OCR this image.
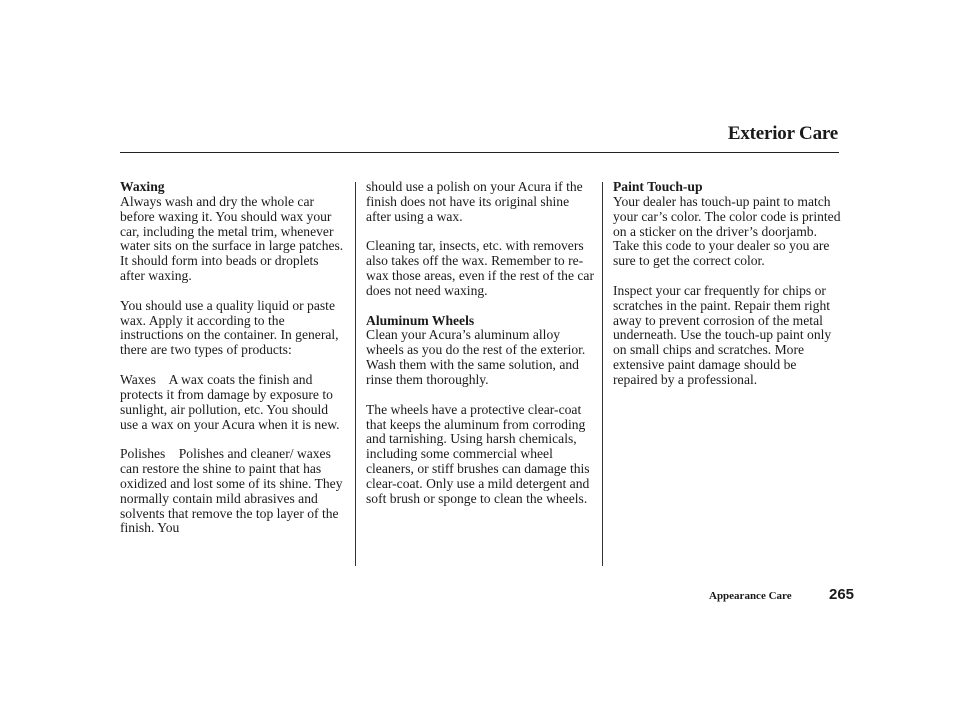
Exterior Care
Waxing

Always wash and dry the whole car before waxing it. You should wax your car, including the metal trim, whenever water sits on the surface in large patches. It should form into beads or droplets after waxing.

You should use a quality liquid or paste wax. Apply it according to the instructions on the container. In general, there are two types of products:

Waxes A wax coats the finish and protects it from damage by exposure to sunlight, air pollution, etc. You should use a wax on your Acura when it is new.

Polishes Polishes and cleaner/ waxes can restore the shine to paint that has oxidized and lost some of its shine. They normally contain mild abrasives and solvents that remove the top layer of the finish. You

should use a polish on your Acura if the finish does not have its original shine after using a wax.

Cleaning tar, insects, etc. with removers also takes off the wax. Remember to re-wax those areas, even if the rest of the car does not need waxing.

Aluminum Wheels

Clean your Acura’s aluminum alloy wheels as you do the rest of the exterior. Wash them with the same solution, and rinse them thoroughly.

The wheels have a protective clear-coat that keeps the aluminum from corroding and tarnishing. Using harsh chemicals, including some commercial wheel cleaners, or stiff brushes can damage this clear-coat. Only use a mild detergent and soft brush or sponge to clean the wheels.

Paint Touch-up

Your dealer has touch-up paint to match your car’s color. The color code is printed on a sticker on the driver’s doorjamb. Take this code to your dealer so you are sure to get the correct color.

Inspect your car frequently for chips or scratches in the paint. Repair them right away to prevent corrosion of the metal underneath. Use the touch-up paint only on small chips and scratches. More extensive paint damage should be repaired by a professional.

Appearance Care 265
